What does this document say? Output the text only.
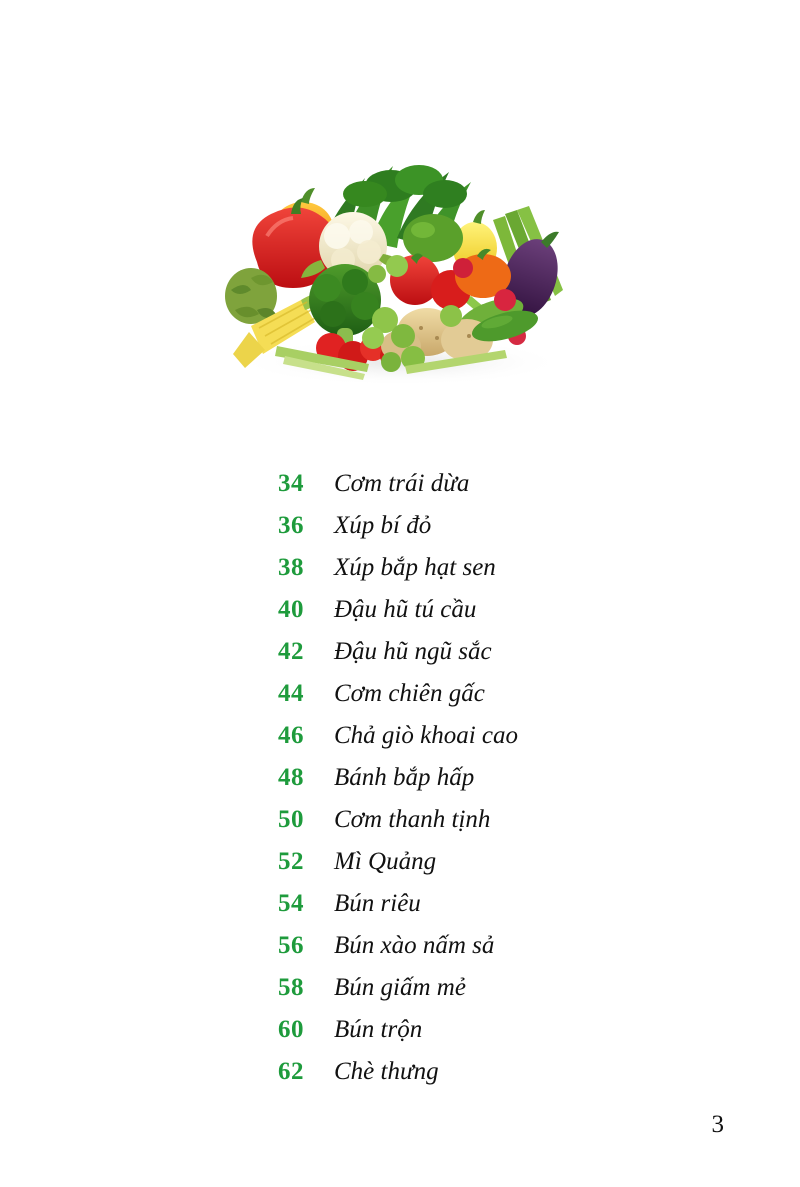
34	Cơm trái dừa
36	Xúp bí đỏ
38	Xúp bắp hạt sen
40	Đậu hũ tú cầu
42	Đậu hũ ngũ sắc
44	Cơm chiên gấc
46	Chả giò khoai cao
48	Bánh bắp hấp
50	Cơm thanh tịnh
52	Mì Quảng
54	Bún riêu
56	Bún xào nấm sả
58	Bún giấm mẻ
60	Bún trộn
62	Chè thưng
3
